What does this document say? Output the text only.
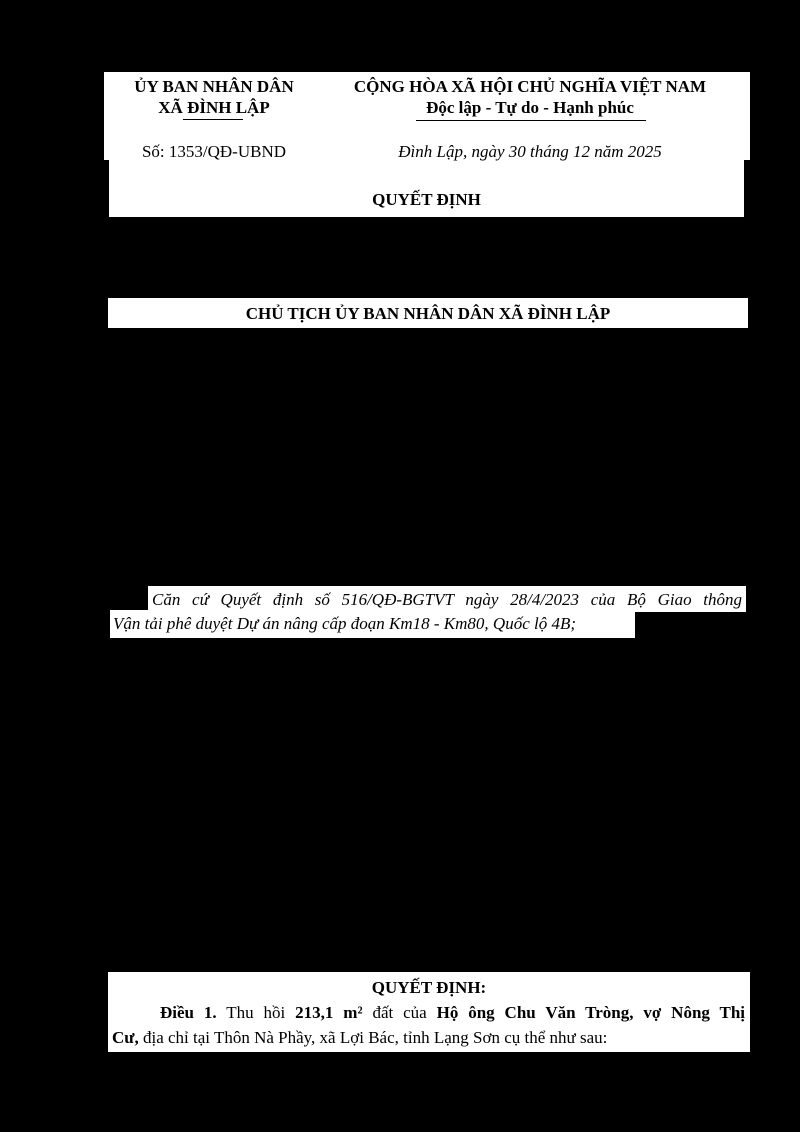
ỦY BAN NHÂN DÂN
XÃ ĐÌNH LẬP
CỘNG HÒA XÃ HỘI CHỦ NGHĨA VIỆT NAM
Độc lập - Tự do - Hạnh phúc
Số: 1353/QĐ-UBND	Đình Lập, ngày 30 tháng 12 năm 2025
QUYẾT ĐỊNH
CHỦ TỊCH ỦY BAN NHÂN DÂN XÃ ĐÌNH LẬP
Căn cứ Quyết định số 516/QĐ-BGTVT ngày 28/4/2023 của Bộ Giao thông
Vận tải phê duyệt Dự án nâng cấp đoạn Km18 - Km80, Quốc lộ 4B;
QUYẾT ĐỊNH:
Điều 1. Thu hồi 213,1 m² đất của Hộ ông Chu Văn Tròng, vợ Nông Thị
Cư, địa chỉ tại Thôn Nà Phầy, xã Lợi Bác, tỉnh Lạng Sơn cụ thể như sau:
